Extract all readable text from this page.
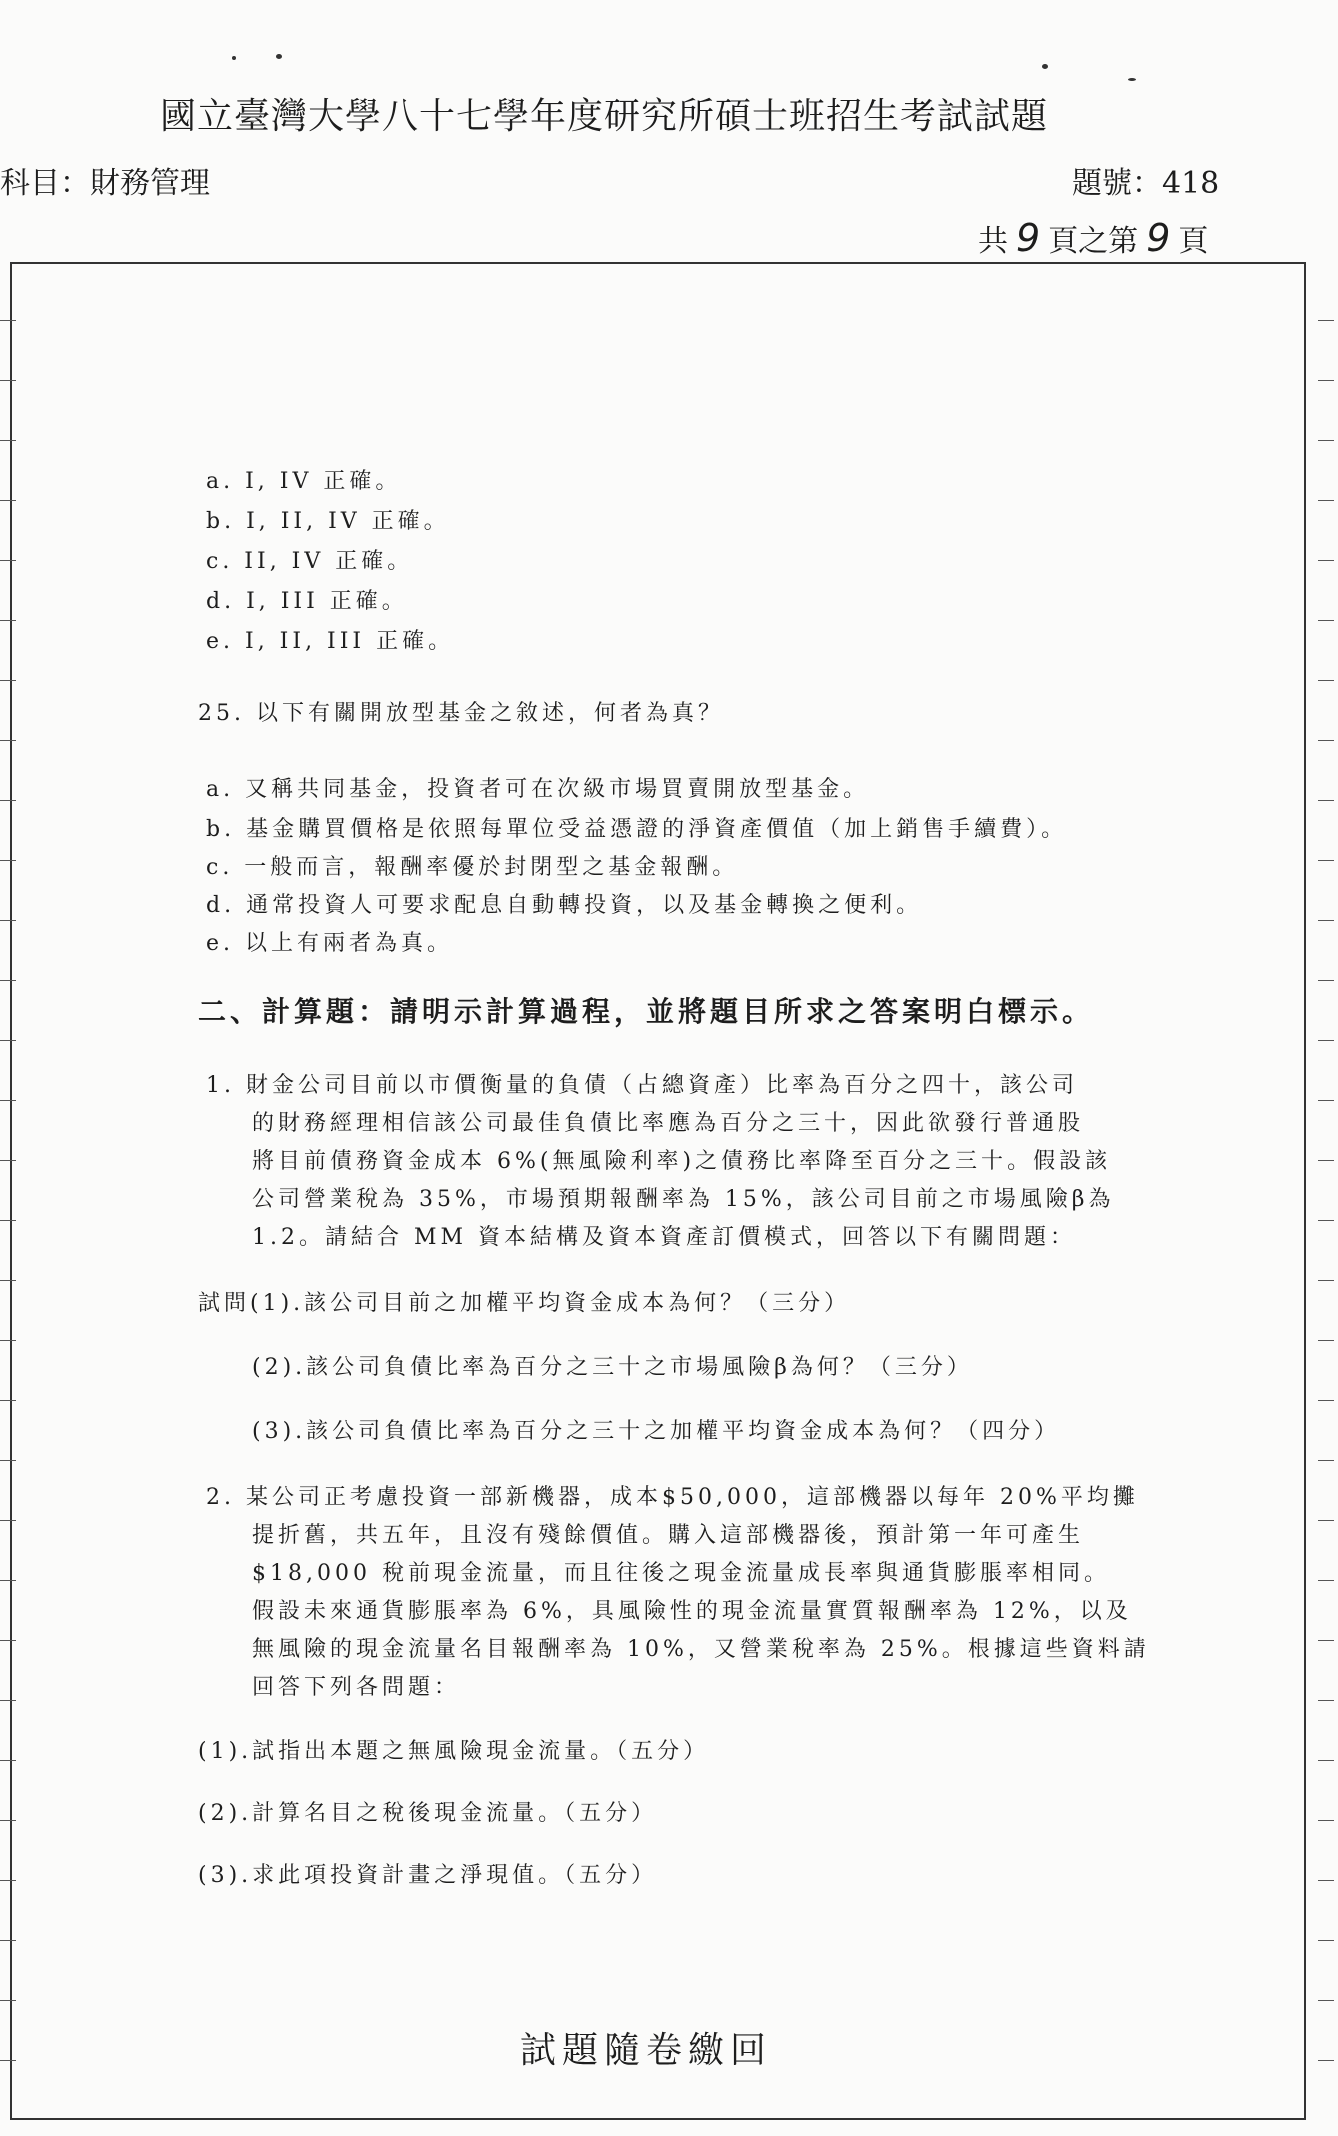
國立臺灣大學八十七學年度研究所碩士班招生考試試題
科目：財務管理	題號：418
共 9 頁之第 9 頁
a. I, IV 正確。
b. I, II, IV 正確。
c. II, IV 正確。
d. I, III 正確。
e. I, II, III 正確。
25. 以下有關開放型基金之敘述，何者為真？
a. 又稱共同基金，投資者可在次級市場買賣開放型基金。
b. 基金購買價格是依照每單位受益憑證的淨資產價值（加上銷售手續費）。
c. 一般而言，報酬率優於封閉型之基金報酬。
d. 通常投資人可要求配息自動轉投資，以及基金轉換之便利。
e. 以上有兩者為真。
二、計算題：請明示計算過程，並將題目所求之答案明白標示。
1. 財金公司目前以市價衡量的負債（占總資產）比率為百分之四十，該公司
的財務經理相信該公司最佳負債比率應為百分之三十，因此欲發行普通股
將目前債務資金成本 6%(無風險利率)之債務比率降至百分之三十。假設該
公司營業稅為 35%，市場預期報酬率為 15%，該公司目前之市場風險β為
1.2。請結合 MM 資本結構及資本資產訂價模式，回答以下有關問題：
試問(1).該公司目前之加權平均資金成本為何？（三分）
(2).該公司負債比率為百分之三十之市場風險β為何？（三分）
(3).該公司負債比率為百分之三十之加權平均資金成本為何？（四分）
2. 某公司正考慮投資一部新機器，成本$50,000，這部機器以每年 20%平均攤
提折舊，共五年，且沒有殘餘價值。購入這部機器後，預計第一年可產生
$18,000 稅前現金流量，而且往後之現金流量成長率與通貨膨脹率相同。
假設未來通貨膨脹率為 6%，具風險性的現金流量實質報酬率為 12%，以及
無風險的現金流量名目報酬率為 10%，又營業稅率為 25%。根據這些資料請
回答下列各問題：
(1).試指出本題之無風險現金流量。（五分）
(2).計算名目之稅後現金流量。（五分）
(3).求此項投資計畫之淨現值。（五分）
試題隨卷繳回
